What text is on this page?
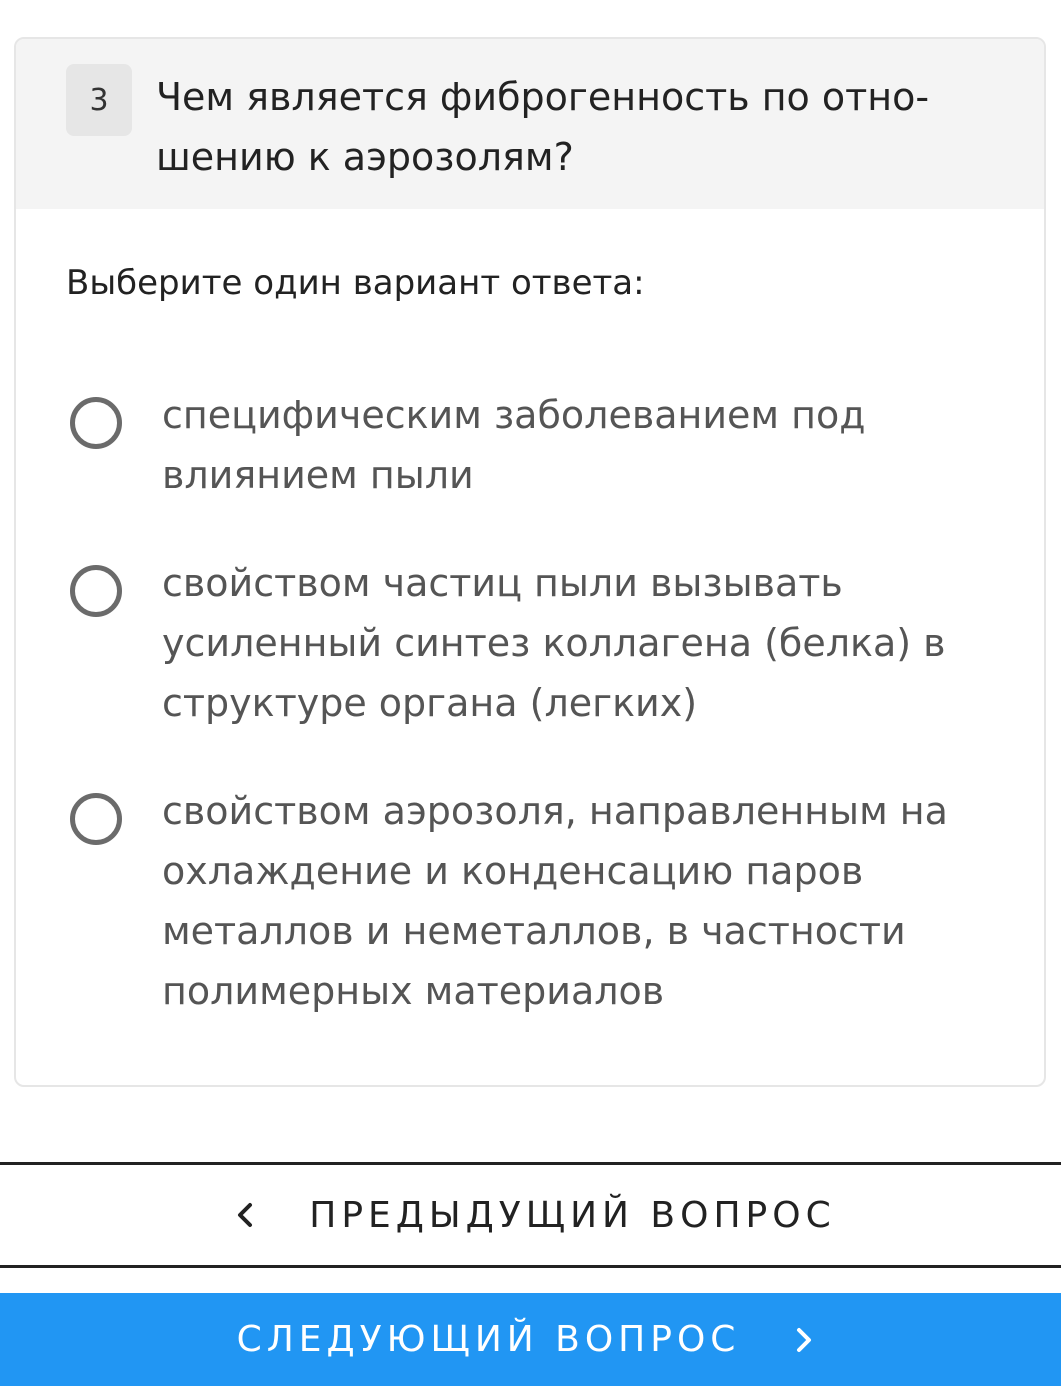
3	Чем является фиброгенность по отно-
шению к аэрозолям?
Выберите один вариант ответа:
специфическим заболеванием под
влиянием пыли
свойством частиц пыли вызывать
усиленный синтез коллагена (белка) в
структуре органа (легких)
свойством аэрозоля, направленным на
охлаждение и конденсацию паров
металлов и неметаллов, в частности
полимерных материалов
ПРЕДЫДУЩИЙ ВОПРОС
СЛЕДУЮЩИЙ ВОПРОС
